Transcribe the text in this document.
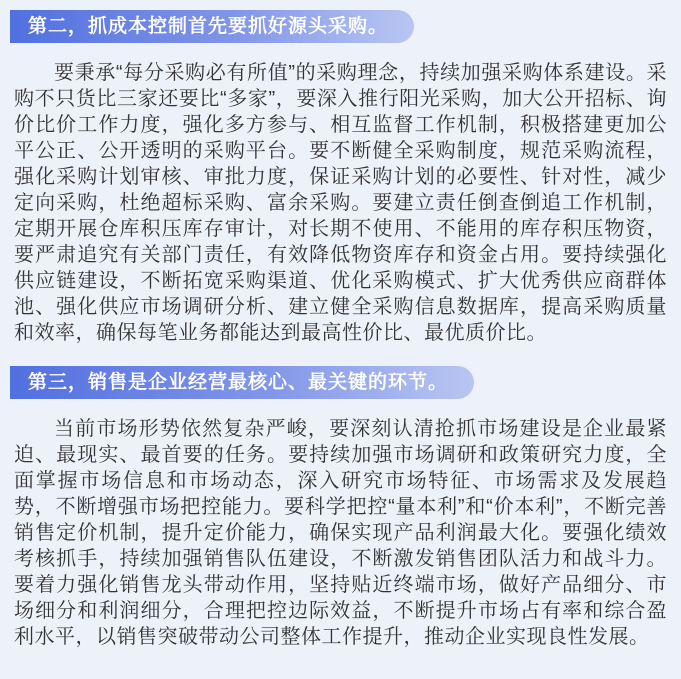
第二，抓成本控制首先要抓好源头采购。

要秉承“每分采购必有所值”的采购理念，持续加强采购体系建设。采购不只货比三家还要比“多家”，要深入推行阳光采购，加大公开招标、询价比价工作力度，强化多方参与、相互监督工作机制，积极搭建更加公平公正、公开透明的采购平台。要不断健全采购制度，规范采购流程，强化采购计划审核、审批力度，保证采购计划的必要性、针对性，减少定向采购，杜绝超标采购、富余采购。要建立责任倒查倒追工作机制，定期开展仓库积压库存审计，对长期不使用、不能用的库存积压物资，要严肃追究有关部门责任，有效降低物资库存和资金占用。要持续强化供应链建设，不断拓宽采购渠道、优化采购模式、扩大优秀供应商群体池、强化供应市场调研分析、建立健全采购信息数据库，提高采购质量和效率，确保每笔业务都能达到最高性价比、最优质价比。

第三，销售是企业经营最核心、最关键的环节。

当前市场形势依然复杂严峻，要深刻认清抢抓市场建设是企业最紧迫、最现实、最首要的任务。要持续加强市场调研和政策研究力度，全面掌握市场信息和市场动态，深入研究市场特征、市场需求及发展趋势，不断增强市场把控能力。要科学把控“量本利”和“价本利”，不断完善销售定价机制，提升定价能力，确保实现产品利润最大化。要强化绩效考核抓手，持续加强销售队伍建设，不断激发销售团队活力和战斗力。要着力强化销售龙头带动作用，坚持贴近终端市场，做好产品细分、市场细分和利润细分，合理把控边际效益，不断提升市场占有率和综合盈利水平，以销售突破带动公司整体工作提升，推动企业实现良性发展。
